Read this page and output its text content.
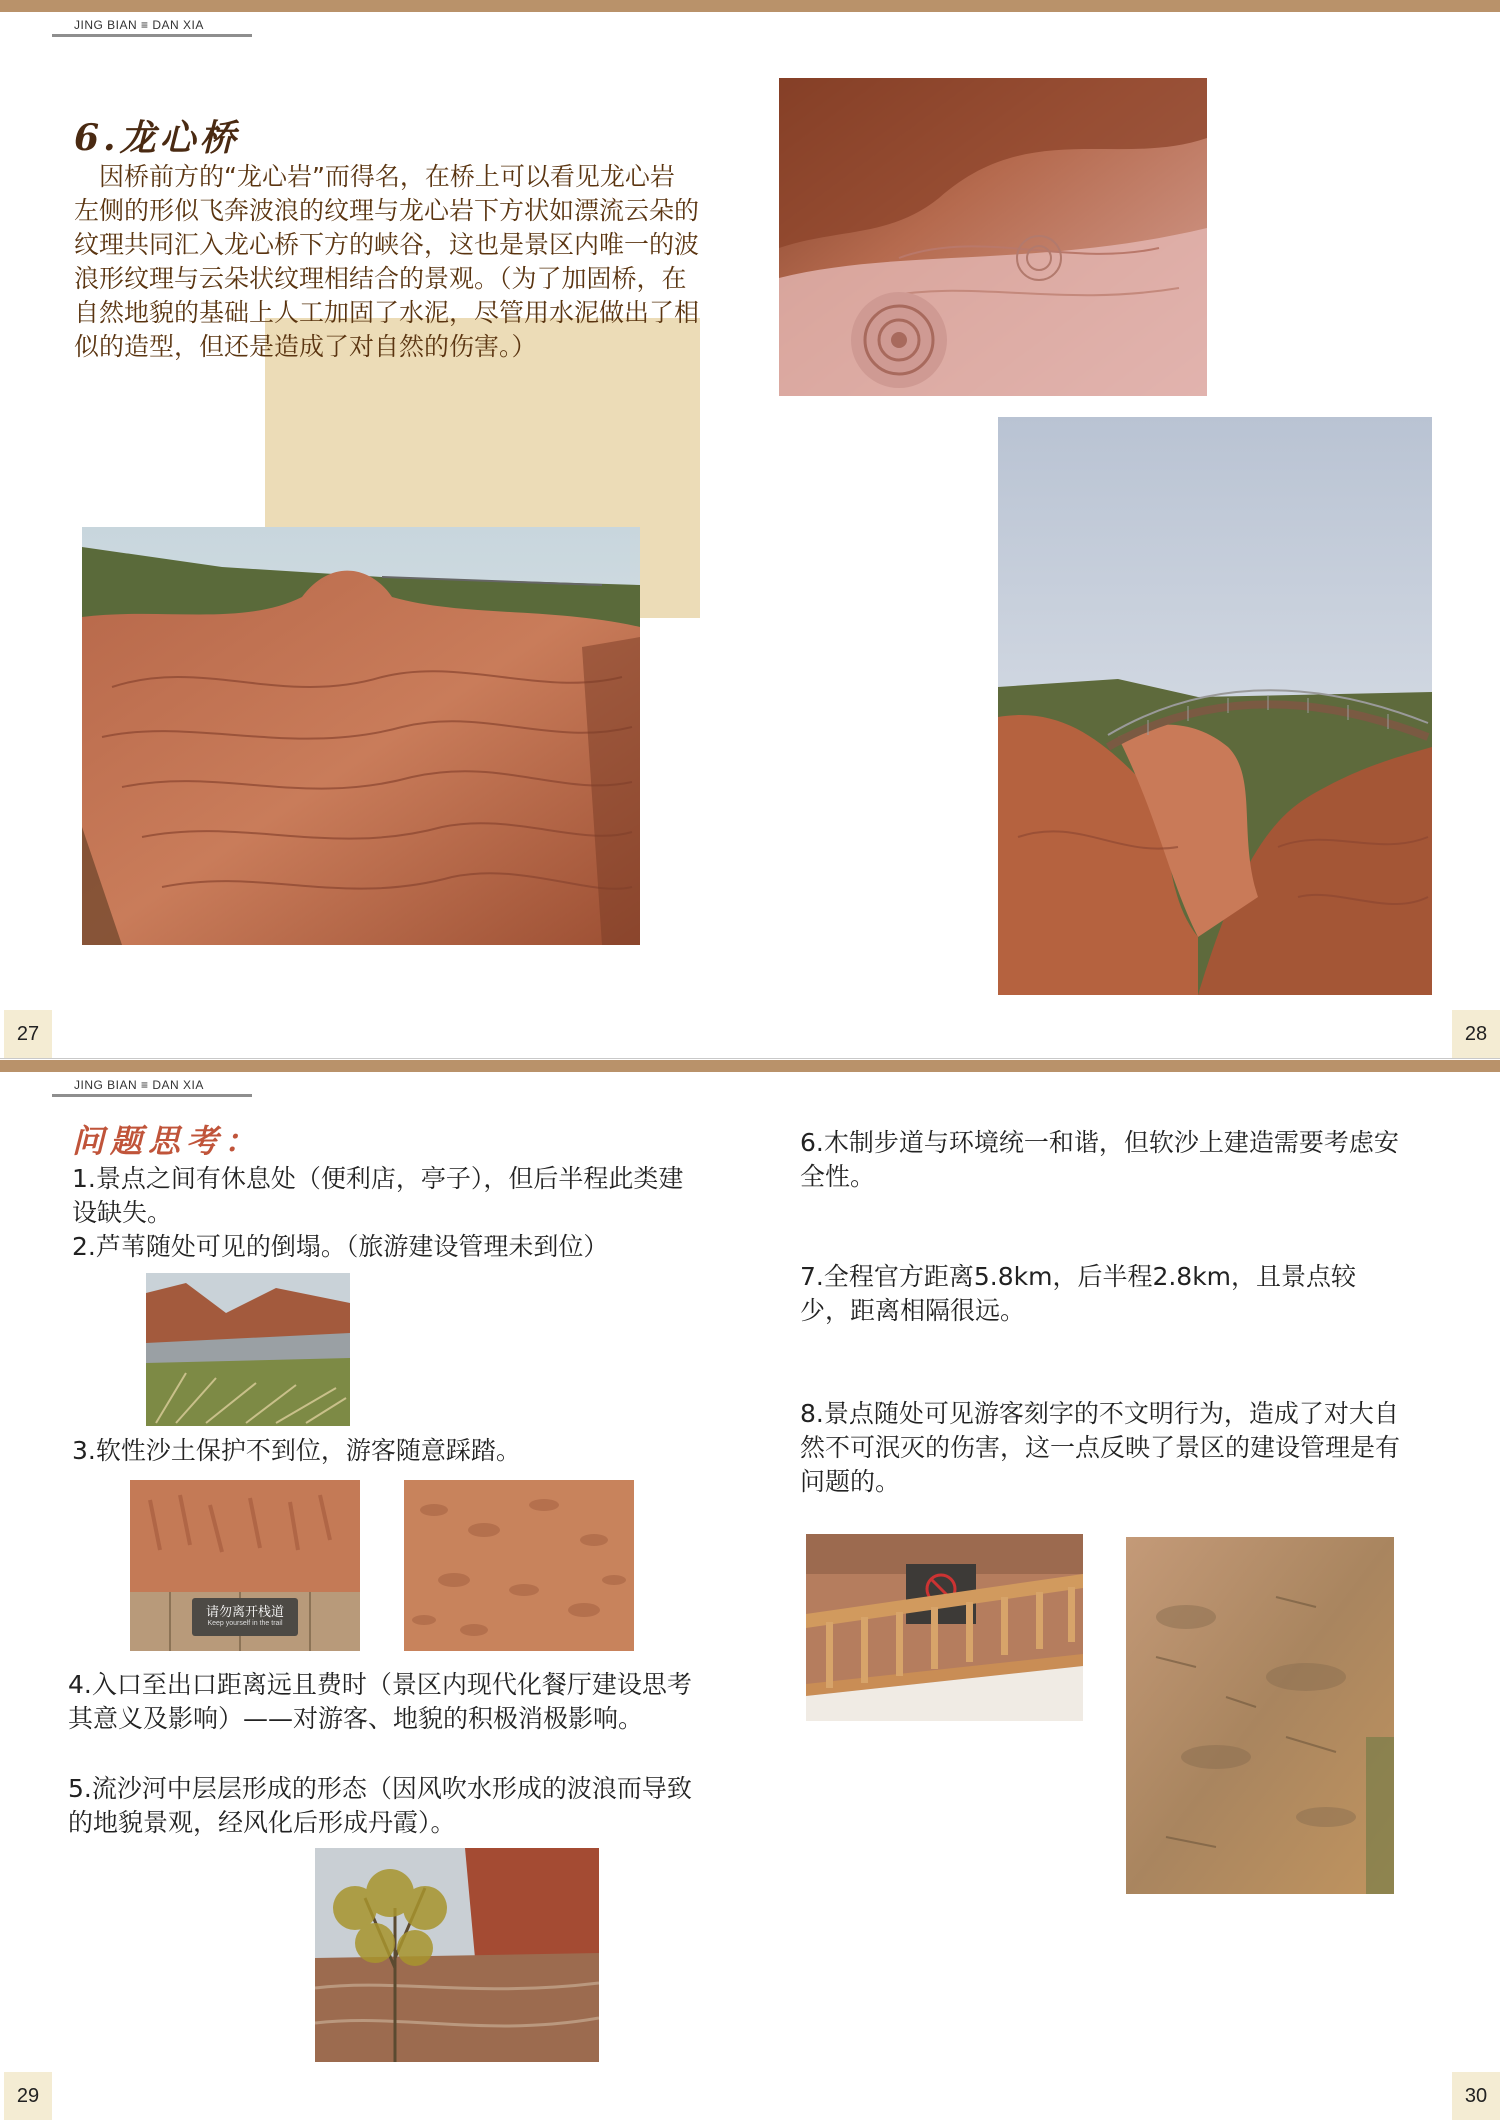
JING BIAN ≡ DAN XIA
6.龙心桥
　因桥前方的“龙心岩”而得名，在桥上可以看见龙心岩左侧的形似飞奔波浪的纹理与龙心岩下方状如漂流云朵的纹理共同汇入龙心桥下方的峡谷，这也是景区内唯一的波浪形纹理与云朵状纹理相结合的景观。（为了加固桥，在自然地貌的基础上人工加固了水泥，尽管用水泥做出了相似的造型，但还是造成了对自然的伤害。）
27	28
JING BIAN ≡ DAN XIA
问题思考：
1.景点之间有休息处（便利店，亭子），但后半程此类建设缺失。
2.芦苇随处可见的倒塌。（旅游建设管理未到位）
3.软性沙土保护不到位，游客随意踩踏。
请勿离开栈道
Keep yourself in the trail
4.入口至出口距离远且费时（景区内现代化餐厅建设思考其意义及影响）——对游客、地貌的积极消极影响。
5.流沙河中层层形成的形态（因风吹水形成的波浪而导致的地貌景观，经风化后形成丹霞）。
6.木制步道与环境统一和谐，但软沙上建造需要考虑安全性。
7.全程官方距离5.8km，后半程2.8km，且景点较少，距离相隔很远。
8.景点随处可见游客刻字的不文明行为，造成了对大自然不可泯灭的伤害，这一点反映了景区的建设管理是有问题的。
29	30
